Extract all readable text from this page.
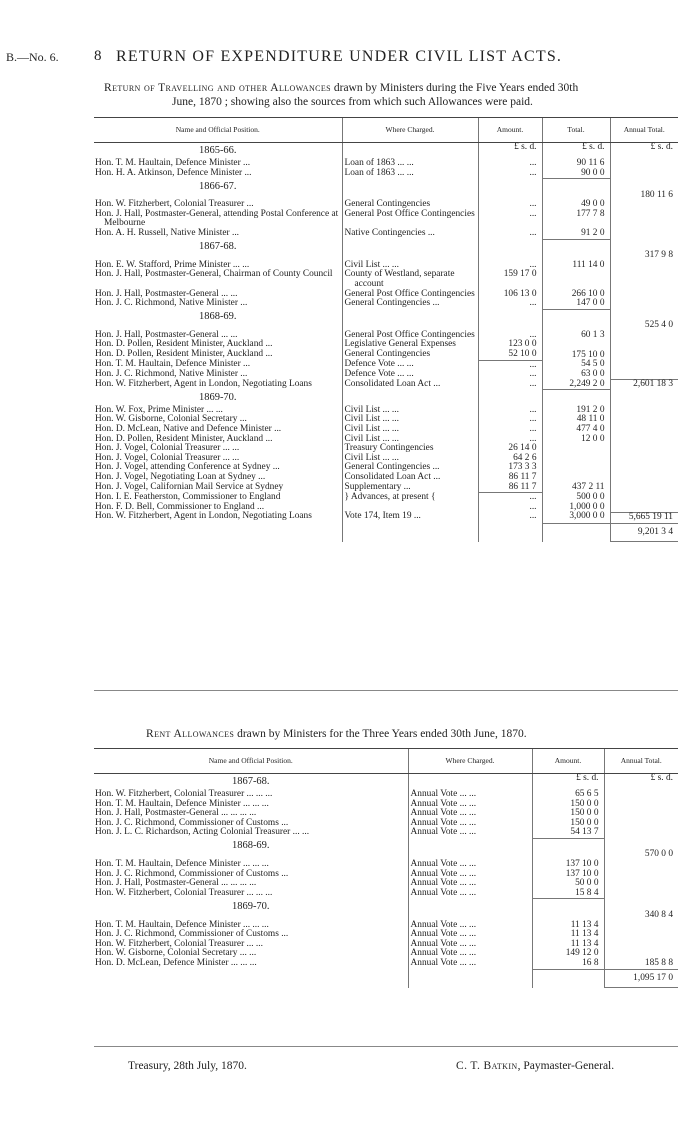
B.—No. 6. 8 RETURN OF EXPENDITURE UNDER CIVIL LIST ACTS.
Return of Travelling and other Allowances drawn by Ministers during the Five Years ended 30th
June, 1870 ; showing also the sources from which such Allowances were paid.
Name and Official Position.	Where Charged.	Amount.	Total.	Annual Total.
1865-66.		£ s. d.	£ s. d.	£ s. d.
Hon. T. M. Haultain, Defence Minister ...	Loan of 1863 ... ...	...	90 11 6	
Hon. H. A. Atkinson, Defence Minister ...	Loan of 1863 ... ...	...	90 0 0	
1866-67.				180 11 6
Hon. W. Fitzherbert, Colonial Treasurer ...	General Contingencies	...	49 0 0	
Hon. J. Hall, Postmaster-General, attending Postal Conference at Melbourne	General Post Office Contingencies	...	177 7 8	
Hon. A. H. Russell, Native Minister ...	Native Contingencies ...	...	91 2 0	
1867-68.				317 9 8
Hon. E. W. Stafford, Prime Minister ... ...	Civil List ... ...	...	111 14 0	
Hon. J. Hall, Postmaster-General, Chairman of County Council	County of Westland, separate account	159 17 0		
Hon. J. Hall, Postmaster-General ... ...	General Post Office Contingencies	106 13 0	266 10 0	
Hon. J. C. Richmond, Native Minister ...	General Contingencies ...	...	147 0 0	
1868-69.				525 4 0
Hon. J. Hall, Postmaster-General ... ...	General Post Office Contingencies	...	60 1 3	
Hon. D. Pollen, Resident Minister, Auckland ...	Legislative General Expenses	123 0 0		
Hon. D. Pollen, Resident Minister, Auckland ...	General Contingencies	52 10 0	175 10 0	
Hon. T. M. Haultain, Defence Minister ...	Defence Vote ... ...	...	54 5 0	
Hon. J. C. Richmond, Native Minister ...	Defence Vote ... ...	...	63 0 0	
Hon. W. Fitzherbert, Agent in London, Negotiating Loans	Consolidated Loan Act ...	...	2,249 2 0	2,601 18 3
1869-70.				
Hon. W. Fox, Prime Minister ... ...	Civil List ... ...	...	191 2 0	
Hon. W. Gisborne, Colonial Secretary ...	Civil List ... ...	...	48 11 0	
Hon. D. McLean, Native and Defence Minister ...	Civil List ... ...	...	477 4 0	
Hon. D. Pollen, Resident Minister, Auckland ...	Civil List ... ...	...	12 0 0	
Hon. J. Vogel, Colonial Treasurer ... ...	Treasury Contingencies	26 14 0		
Hon. J. Vogel, Colonial Treasurer ... ...	Civil List ... ...	64 2 6		
Hon. J. Vogel, attending Conference at Sydney ...	General Contingencies ...	173 3 3		
Hon. J. Vogel, Negotiating Loan at Sydney ...	Consolidated Loan Act ...	86 11 7		
Hon. J. Vogel, Californian Mail Service at Sydney	Supplementary ...	86 11 7	437 2 11	
Hon. I. E. Featherston, Commissioner to England	} Advances, at present {	...	500 0 0	
Hon. F. D. Bell, Commissioner to England ...		...	1,000 0 0	
Hon. W. Fitzherbert, Agent in London, Negotiating Loans	Vote 174, Item 19 ...	...	3,000 0 0	5,665 19 11
				9,201 3 4
Rent Allowances drawn by Ministers for the Three Years ended 30th June, 1870.
Name and Official Position.	Where Charged.	Amount.	Annual Total.
1867-68.		£ s. d.	£ s. d.
Hon. W. Fitzherbert, Colonial Treasurer ... ... ...	Annual Vote ... ...	65 6 5	
Hon. T. M. Haultain, Defence Minister ... ... ...	Annual Vote ... ...	150 0 0	
Hon. J. Hall, Postmaster-General ... ... ... ...	Annual Vote ... ...	150 0 0	
Hon. J. C. Richmond, Commissioner of Customs ...	Annual Vote ... ...	150 0 0	
Hon. J. L. C. Richardson, Acting Colonial Treasurer ... ...	Annual Vote ... ...	54 13 7	
1868-69.			570 0 0
Hon. T. M. Haultain, Defence Minister ... ... ...	Annual Vote ... ...	137 10 0	
Hon. J. C. Richmond, Commissioner of Customs ...	Annual Vote ... ...	137 10 0	
Hon. J. Hall, Postmaster-General ... ... ... ...	Annual Vote ... ...	50 0 0	
Hon. W. Fitzherbert, Colonial Treasurer ... ... ...	Annual Vote ... ...	15 8 4	
1869-70.			340 8 4
Hon. T. M. Haultain, Defence Minister ... ... ...	Annual Vote ... ...	11 13 4	
Hon. J. C. Richmond, Commissioner of Customs ...	Annual Vote ... ...	11 13 4	
Hon. W. Fitzherbert, Colonial Treasurer ... ...	Annual Vote ... ...	11 13 4	
Hon. W. Gisborne, Colonial Secretary ... ...	Annual Vote ... ...	149 12 0	
Hon. D. McLean, Defence Minister ... ... ...	Annual Vote ... ...	16 8	185 8 8
			1,095 17 0
Treasury, 28th July, 1870.	C. T. Batkin, Paymaster-General.
